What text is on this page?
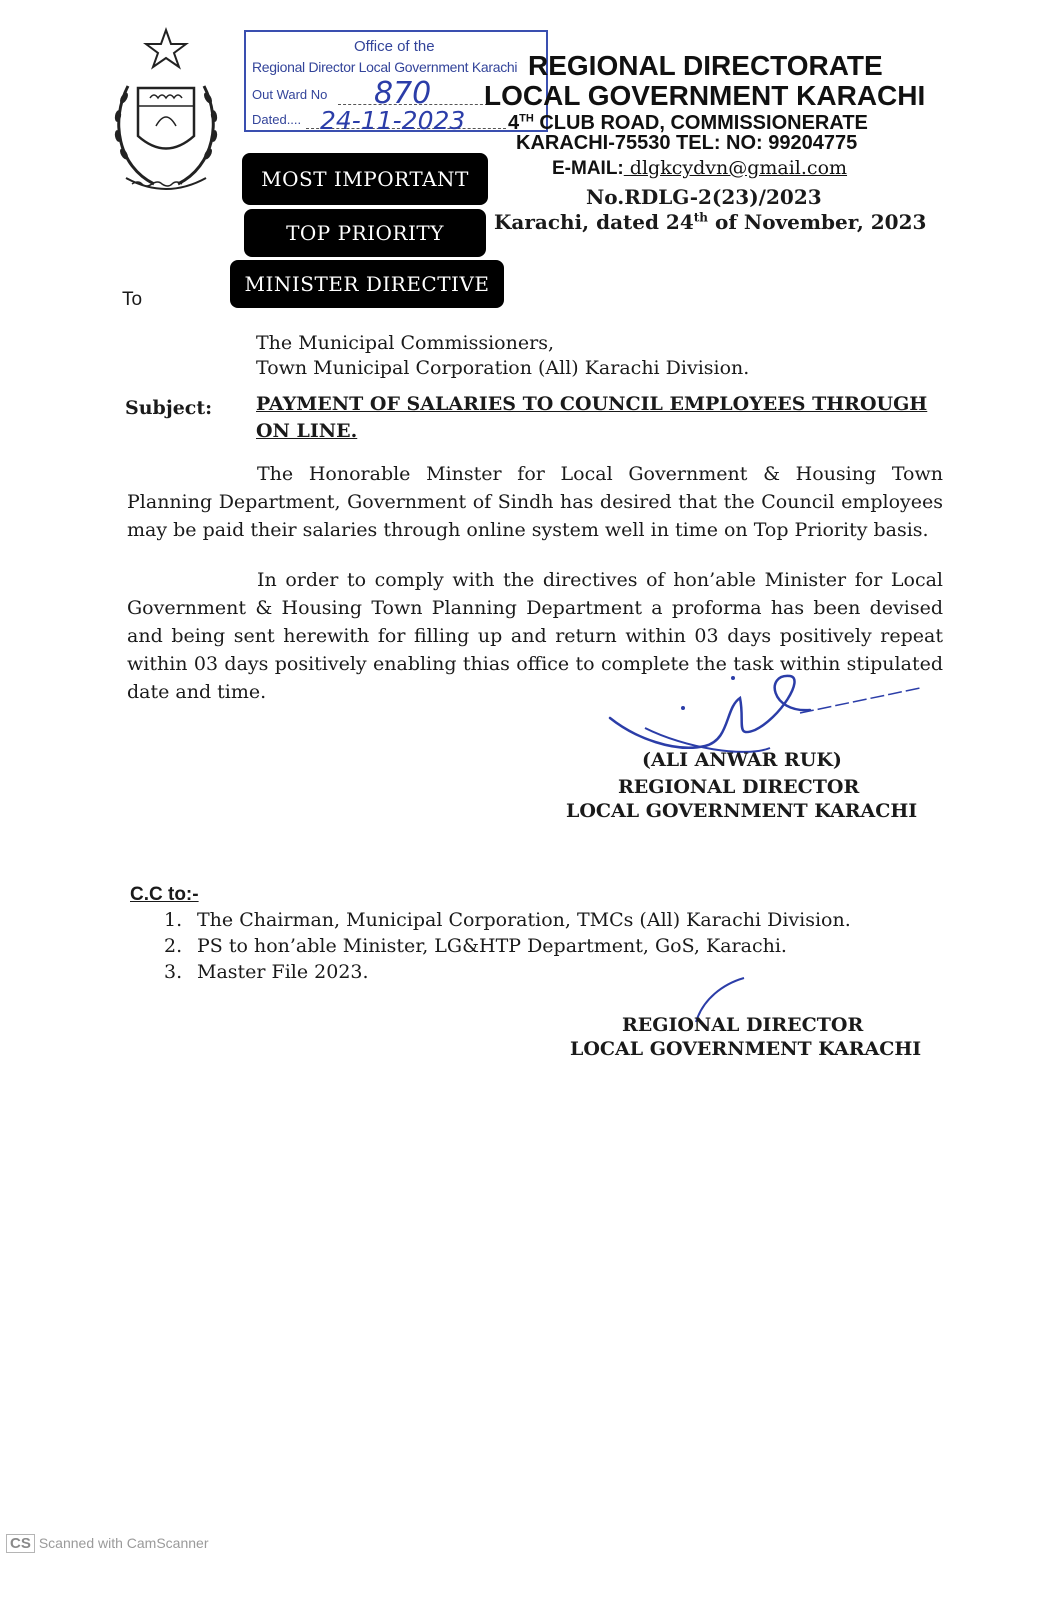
Office of the
Regional Director Local Government Karachi
Out Ward No 870
Dated.... 24-11-2023
REGIONAL DIRECTORATE
LOCAL GOVERNMENT KARACHI
4TH CLUB ROAD, COMMISSIONERATE
KARACHI-75530 TEL: NO: 99204775
E-MAIL: dlgkcydvn@gmail.com
No.RDLG-2(23)/2023
Karachi, dated 24th of November, 2023
MOST IMPORTANT
TOP PRIORITY
MINISTER DIRECTIVE
To
The Municipal Commissioners,
Town Municipal Corporation (All) Karachi Division.
Subject: PAYMENT OF SALARIES TO COUNCIL EMPLOYEES THROUGH ON LINE.
The Honorable Minster for Local Government & Housing Town Planning Department, Government of Sindh has desired that the Council employees may be paid their salaries through online system well in time on Top Priority basis.
In order to comply with the directives of hon’able Minister for Local Government & Housing Town Planning Department a proforma has been devised and being sent herewith for filling up and return within 03 days positively repeat within 03 days positively enabling thias office to complete the task within stipulated date and time.
(ALI ANWAR RUK)
REGIONAL DIRECTOR
LOCAL GOVERNMENT KARACHI
C.C to:-
1. The Chairman, Municipal Corporation, TMCs (All) Karachi Division.
2. PS to hon’able Minister, LG&HTP Department, GoS, Karachi.
3. Master File 2023.
REGIONAL DIRECTOR
LOCAL GOVERNMENT KARACHI
CS Scanned with CamScanner
